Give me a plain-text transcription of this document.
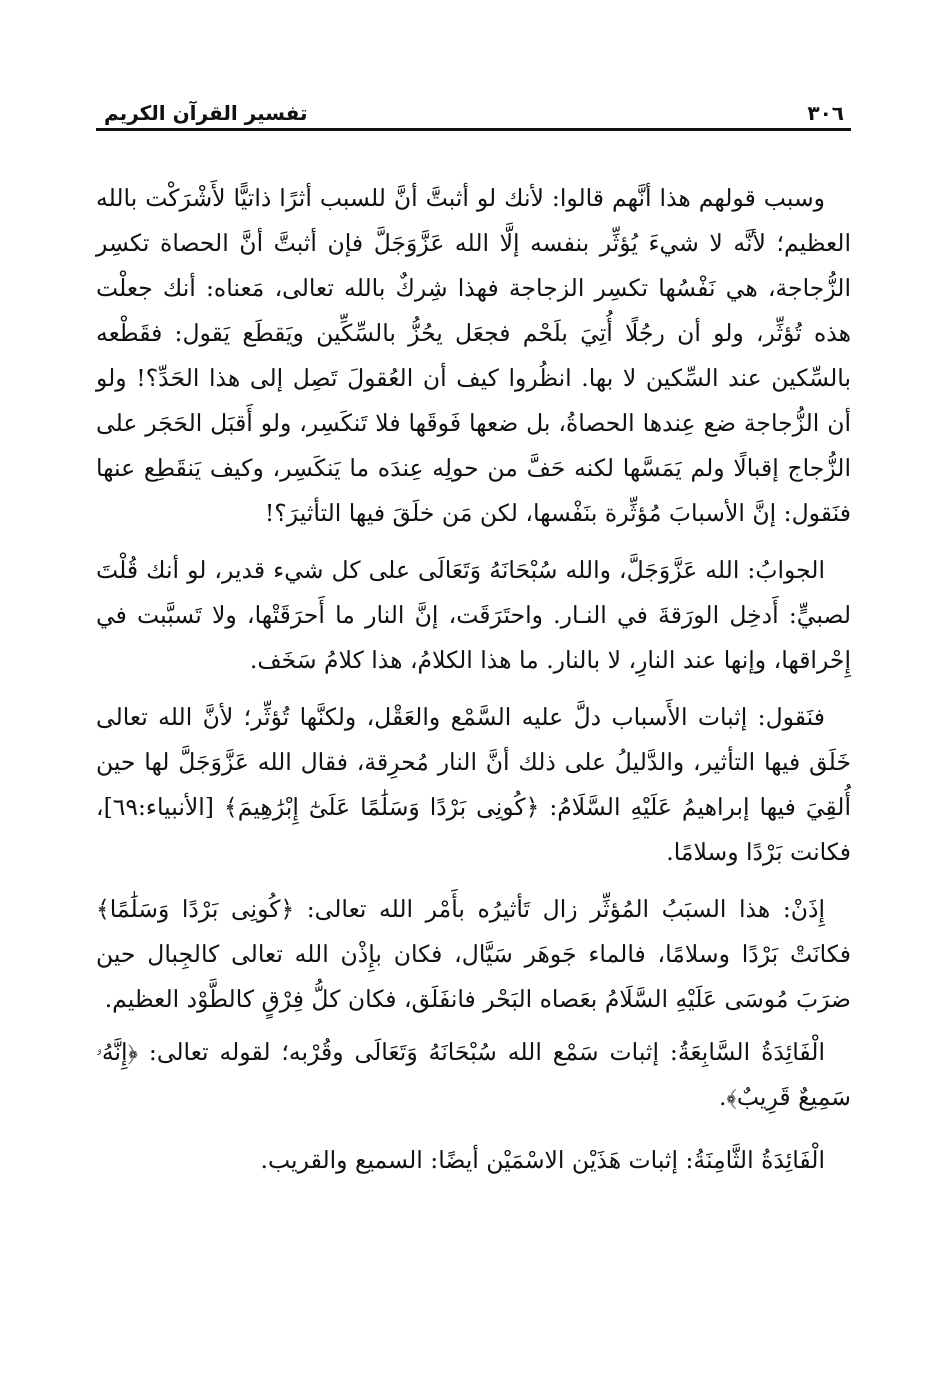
٣٠٦
تفسير القرآن الكريم

وسبب قولهم هذا أنَّهم قالوا: لأنك لو أثبتَّ أنَّ للسبب أثرًا ذاتيًّا لأَشْرَكْت بالله العظيم؛ لأنَّه لا شيءَ يُؤثِّر بنفسه إلَّا الله عَزَّوَجَلَّ فإن أثبتَّ أنَّ الحصاة تكسِر الزُّجاجة، هي نَفْسُها تكسِر الزجاجة فهذا شِركٌ بالله تعالى، مَعناه: أنك جعلْت هذه تُؤثِّر، ولو أن رجُلًا أُتِيَ بلَحْم فجعَل يحُزُّ بالسِّكِّين ويَقطَع يَقول: فقَطْعه بالسِّكين عند السِّكين لا بها. انظُروا كيف أن العُقولَ تَصِل إلى هذا الحَدِّ؟! ولو أن الزُّجاجة ضع عِندها الحصاةُ، بل ضعها فَوقَها فلا تَنكَسِر، ولو أَقبَل الحَجَر على الزُّجاج إقبالًا ولم يَمَسَّها لكنه حَفَّ من حولِه عِندَه ما يَنكَسِر، وكيف يَنقَطِع عنها فنَقول: إنَّ الأسبابَ مُؤثِّرة بنَفْسها، لكن مَن خلَقَ فيها التأثيرَ؟!

الجوابُ: الله عَزَّوَجَلَّ، والله سُبْحَانَهُ وَتَعَالَى على كل شيء قدير، لو أنك قُلْتَ لصبيٍّ: أَدخِل الورَقةَ في النـار. واحتَرَقَت، إنَّ النار ما أَحرَقَتْها، ولا تَسبَّبت في إِحْراقها، وإنها عند النارِ، لا بالنار. ما هذا الكلامُ، هذا كلامُ سَخَف.

فنَقول: إثبات الأَسباب دلَّ عليه السَّمْع والعَقْل، ولكنَّها تُؤثِّر؛ لأنَّ الله تعالى خَلَق فيها التأثير، والدَّليلُ على ذلك أنَّ النار مُحرِقة، فقال الله عَزَّوَجَلَّ لها حين أُلقِيَ فيها إبراهيمُ عَلَيْهِ السَّلَامُ: ﴿كُونِى بَرْدًا وَسَلَٰمًا عَلَىٰٓ إِبْرَٰهِيمَ﴾ [الأنبياء:٦٩]، فكانت بَرْدًا وسلامًا.

إِذَنْ: هذا السبَبُ المُؤثِّر زال تَأثيرُه بأَمْر الله تعالى: ﴿كُونِى بَرْدًا وَسَلَٰمًا﴾ فكانَتْ بَرْدًا وسلامًا، فالماء جَوهَر سَيَّال، فكان بإِذْن الله تعالى كالجِبال حين ضرَبَ مُوسَى عَلَيْهِ السَّلَامُ بعَصاه البَحْر فانفَلَق، فكان كلُّ فِرْقٍ كالطَّوْد العظيم.

الْفَائِدَةُ السَّابِعَةُ: إثبات سَمْع الله سُبْحَانَهُ وَتَعَالَى وقُرْبه؛ لقوله تعالى: ﴿إِنَّهُۥ سَمِيعٌ قَرِيبٌ﴾.

الْفَائِدَةُ الثَّامِنَةُ: إثبات هَذَيْن الاسْمَيْن أيضًا: السميع والقريب.
